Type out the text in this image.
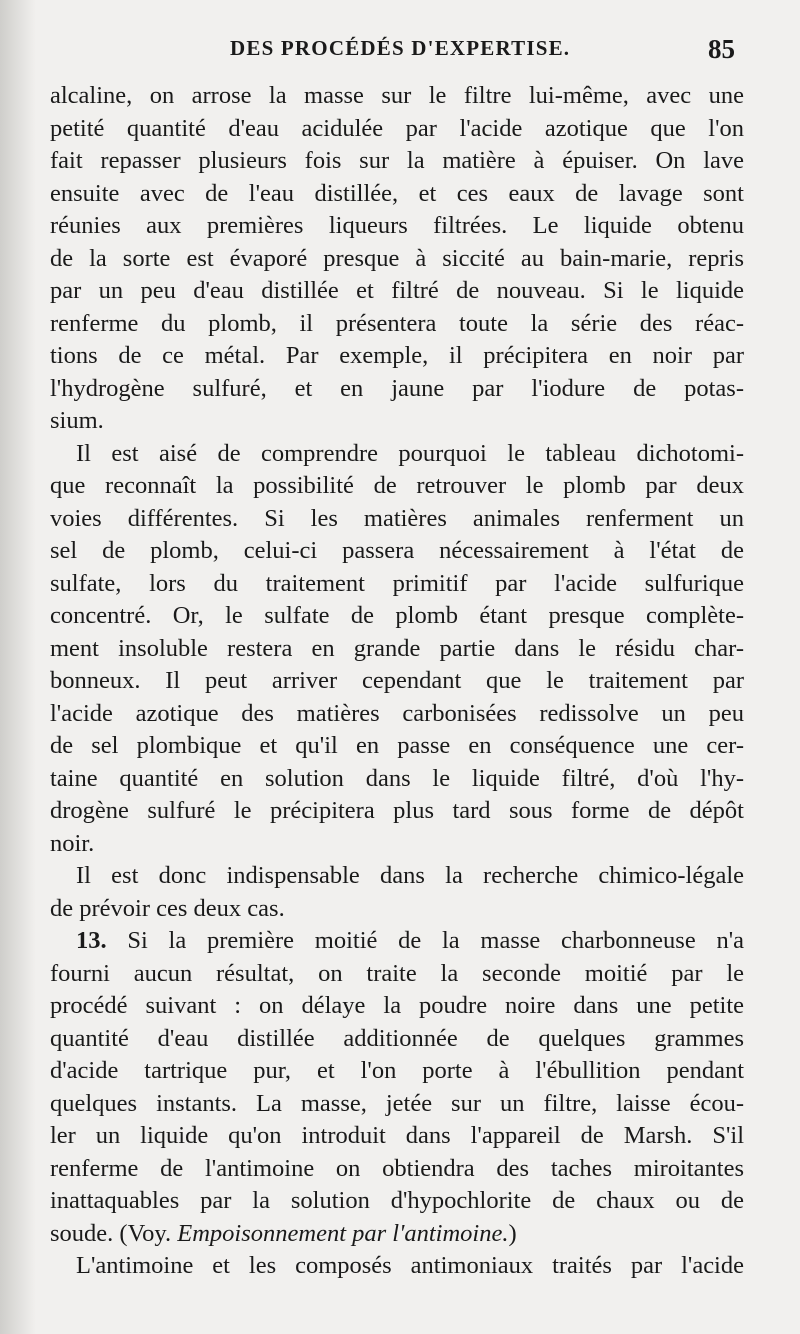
DES PROCÉDÉS D'EXPERTISE.	85
alcaline, on arrose la masse sur le filtre lui-même, avec une
petité quantité d'eau acidulée par l'acide azotique que l'on
fait repasser plusieurs fois sur la matière à épuiser. On lave
ensuite avec de l'eau distillée, et ces eaux de lavage sont
réunies aux premières liqueurs filtrées. Le liquide obtenu
de la sorte est évaporé presque à siccité au bain-marie, repris
par un peu d'eau distillée et filtré de nouveau. Si le liquide
renferme du plomb, il présentera toute la série des réac-
tions de ce métal. Par exemple, il précipitera en noir par
l'hydrogène sulfuré, et en jaune par l'iodure de potas-
sium.
Il est aisé de comprendre pourquoi le tableau dichotomi-
que reconnaît la possibilité de retrouver le plomb par deux
voies différentes. Si les matières animales renferment un
sel de plomb, celui-ci passera nécessairement à l'état de
sulfate, lors du traitement primitif par l'acide sulfurique
concentré. Or, le sulfate de plomb étant presque complète-
ment insoluble restera en grande partie dans le résidu char-
bonneux. Il peut arriver cependant que le traitement par
l'acide azotique des matières carbonisées redissolve un peu
de sel plombique et qu'il en passe en conséquence une cer-
taine quantité en solution dans le liquide filtré, d'où l'hy-
drogène sulfuré le précipitera plus tard sous forme de dépôt
noir.
Il est donc indispensable dans la recherche chimico-légale
de prévoir ces deux cas.
13. Si la première moitié de la masse charbonneuse n'a
fourni aucun résultat, on traite la seconde moitié par le
procédé suivant : on délaye la poudre noire dans une petite
quantité d'eau distillée additionnée de quelques grammes
d'acide tartrique pur, et l'on porte à l'ébullition pendant
quelques instants. La masse, jetée sur un filtre, laisse écou-
ler un liquide qu'on introduit dans l'appareil de Marsh. S'il
renferme de l'antimoine on obtiendra des taches miroitantes
inattaquables par la solution d'hypochlorite de chaux ou de
soude. (Voy. Empoisonnement par l'antimoine.)
L'antimoine et les composés antimoniaux traités par l'acide
